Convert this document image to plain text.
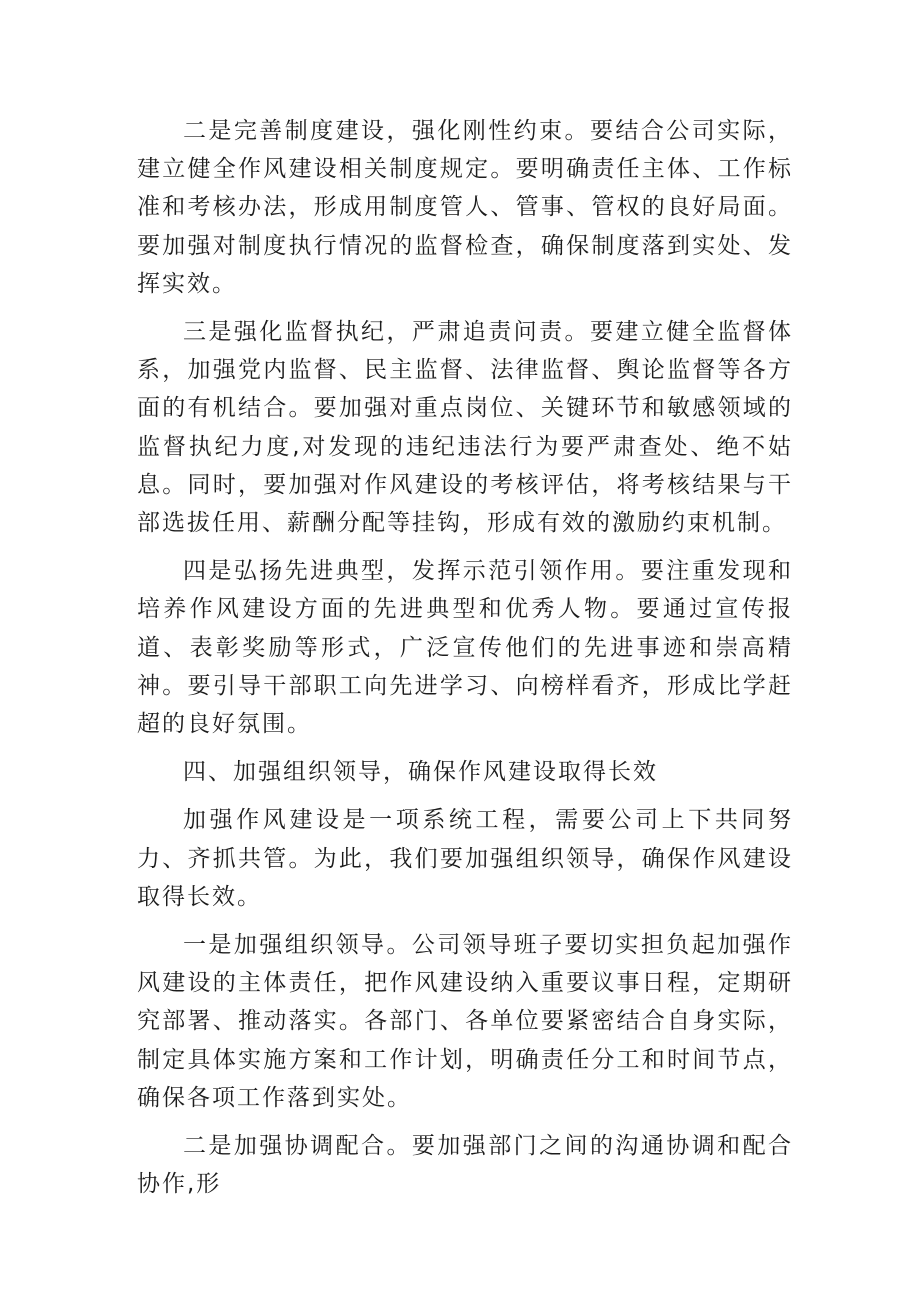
二是完善制度建设，强化刚性约束。要结合公司实际，建立健全作风建设相关制度规定。要明确责任主体、工作标准和考核办法，形成用制度管人、管事、管权的良好局面。要加强对制度执行情况的监督检查，确保制度落到实处、发挥实效。

三是强化监督执纪，严肃追责问责。要建立健全监督体系，加强党内监督、民主监督、法律监督、舆论监督等各方面的有机结合。要加强对重点岗位、关键环节和敏感领域的监督执纪力度,对发现的违纪违法行为要严肃查处、绝不姑息。同时，要加强对作风建设的考核评估，将考核结果与干部选拔任用、薪酬分配等挂钩，形成有效的激励约束机制。

四是弘扬先进典型，发挥示范引领作用。要注重发现和培养作风建设方面的先进典型和优秀人物。要通过宣传报道、表彰奖励等形式，广泛宣传他们的先进事迹和崇高精神。要引导干部职工向先进学习、向榜样看齐，形成比学赶超的良好氛围。

四、加强组织领导，确保作风建设取得长效

加强作风建设是一项系统工程，需要公司上下共同努力、齐抓共管。为此，我们要加强组织领导，确保作风建设取得长效。

一是加强组织领导。公司领导班子要切实担负起加强作风建设的主体责任，把作风建设纳入重要议事日程，定期研究部署、推动落实。各部门、各单位要紧密结合自身实际，制定具体实施方案和工作计划，明确责任分工和时间节点，确保各项工作落到实处。

二是加强协调配合。要加强部门之间的沟通协调和配合协作,形
